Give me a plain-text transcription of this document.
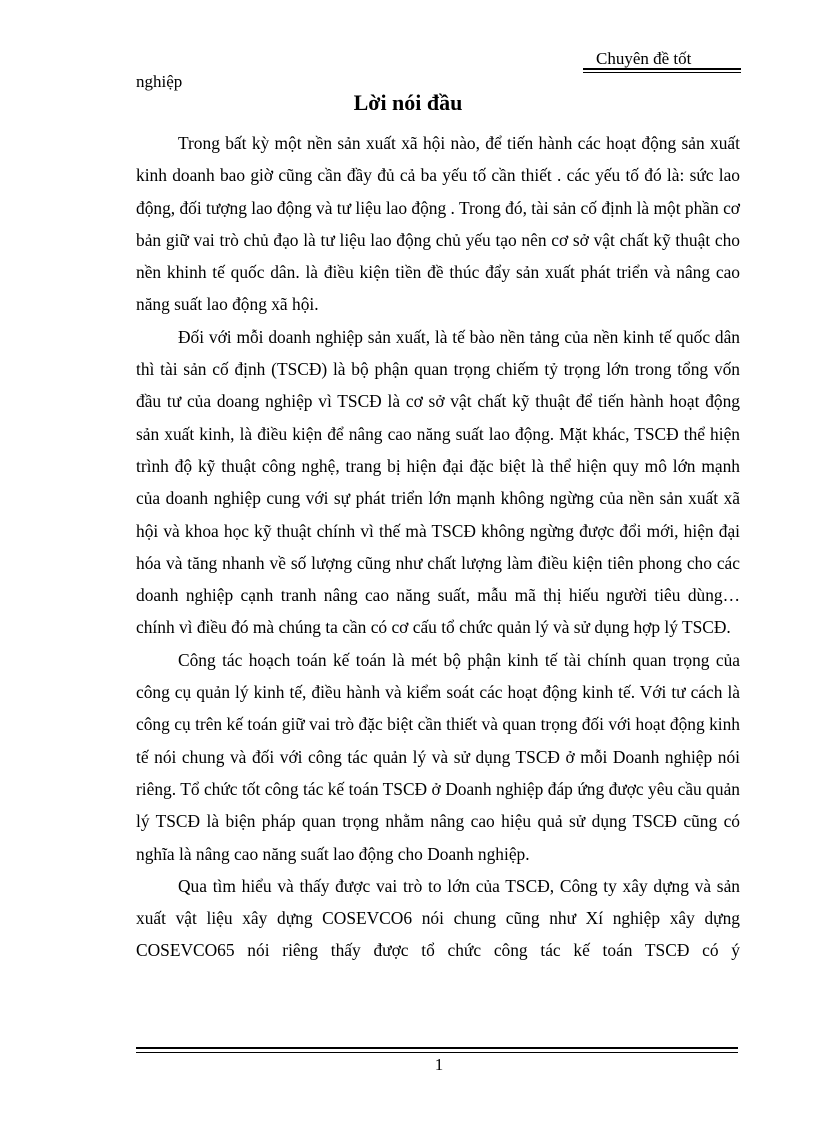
Chuyên đề tốt
nghiệp
Lời nói đầu

Trong bất kỳ một nền sản xuất xã hội nào, để tiến hành các hoạt động sản xuất kinh doanh bao giờ cũng cần đầy đủ cả ba yếu tố cần thiết . các yếu tố đó là: sức lao động, đối tượng lao động và tư liệu lao động . Trong đó, tài sản cố định là một phần cơ bản giữ vai trò chủ đạo là tư liệu lao động chủ yếu tạo nên cơ sở vật chất kỹ thuật cho nền khinh tế quốc dân. là điều kiện tiền đề thúc đẩy sản xuất phát triển và nâng cao năng suất lao động xã hội.

Đối với mỗi doanh nghiệp sản xuất, là tế bào nền tảng của nền kinh tế quốc dân thì tài sản cố định (TSCĐ) là bộ phận quan trọng chiếm tỷ trọng lớn trong tổng vốn đầu tư của doang nghiệp vì TSCĐ là cơ sở vật chất kỹ thuật để tiến hành hoạt động sản xuất kinh, là điều kiện để nâng cao năng suất lao động. Mặt khác, TSCĐ thể hiện trình độ kỹ thuật công nghệ, trang bị hiện đại đặc biệt là thể hiện quy mô lớn mạnh của doanh nghiệp cung với sự phát triển lớn mạnh không ngừng của nền sản xuất xã hội và khoa học kỹ thuật chính vì thế mà TSCĐ không ngừng được đổi mới, hiện đại hóa và tăng nhanh về số lượng cũng như chất lượng làm điều kiện tiên phong cho các doanh nghiệp cạnh tranh nâng cao năng suất, mẫu mã thị hiếu người tiêu dùng… chính vì điều đó mà chúng ta cần có cơ cấu tổ chức quản lý và sử dụng hợp lý TSCĐ.

Công tác hoạch toán kế toán là mét bộ phận kinh tế tài chính quan trọng của công cụ quản lý kinh tế, điều hành và kiểm soát các hoạt động kinh tế. Với tư cách là công cụ trên kế toán giữ vai trò đặc biệt cần thiết và quan trọng đối với hoạt động kinh tế nói chung và đối với công tác quản lý và sử dụng TSCĐ ở mỗi Doanh nghiệp nói riêng. Tổ chức tốt công tác kế toán TSCĐ ở Doanh nghiệp đáp ứng được yêu cầu quản lý TSCĐ là biện pháp quan trọng nhằm nâng cao hiệu quả sử dụng TSCĐ cũng có nghĩa là nâng cao năng suất lao động cho Doanh nghiệp.

Qua tìm hiểu và thấy được vai trò to lớn của TSCĐ, Công ty xây dựng và sản xuất vật liệu xây dựng COSEVCO6 nói chung cũng như Xí nghiệp xây dựng COSEVCO65 nói riêng thấy được tổ chức công tác kế toán TSCĐ có ý

1
